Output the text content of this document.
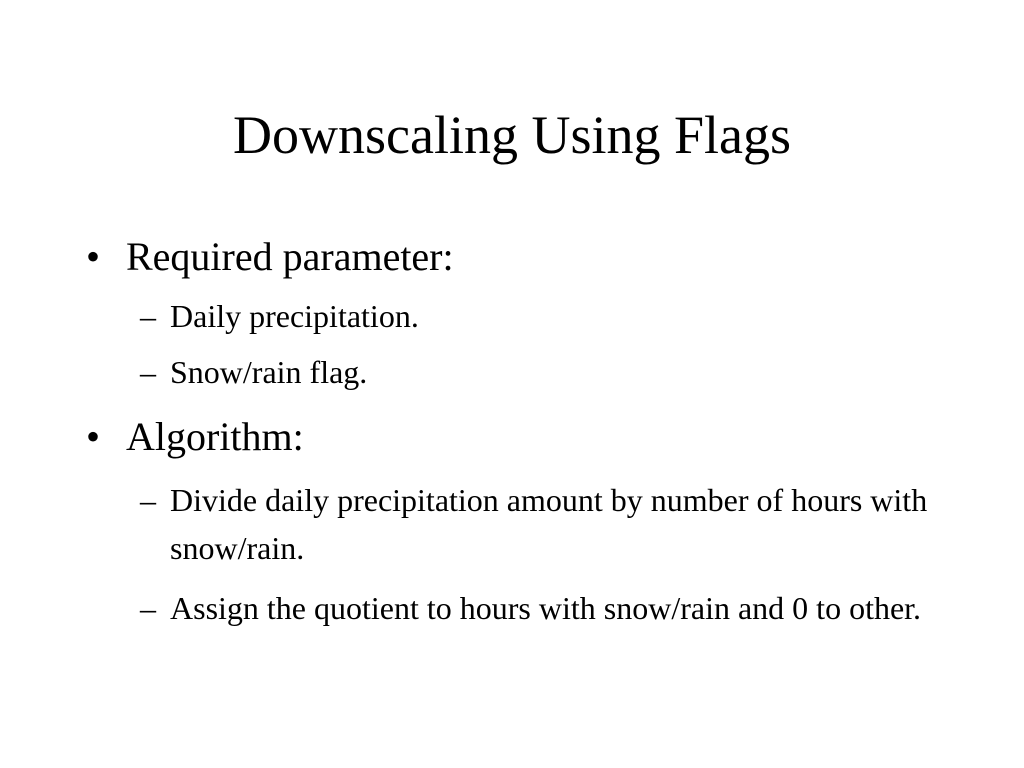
Downscaling Using Flags
• Required parameter:
– Daily precipitation.
– Snow/rain flag.
• Algorithm:
– Divide daily precipitation amount by number of hours with snow/rain.
– Assign the quotient to hours with snow/rain and 0 to other.
